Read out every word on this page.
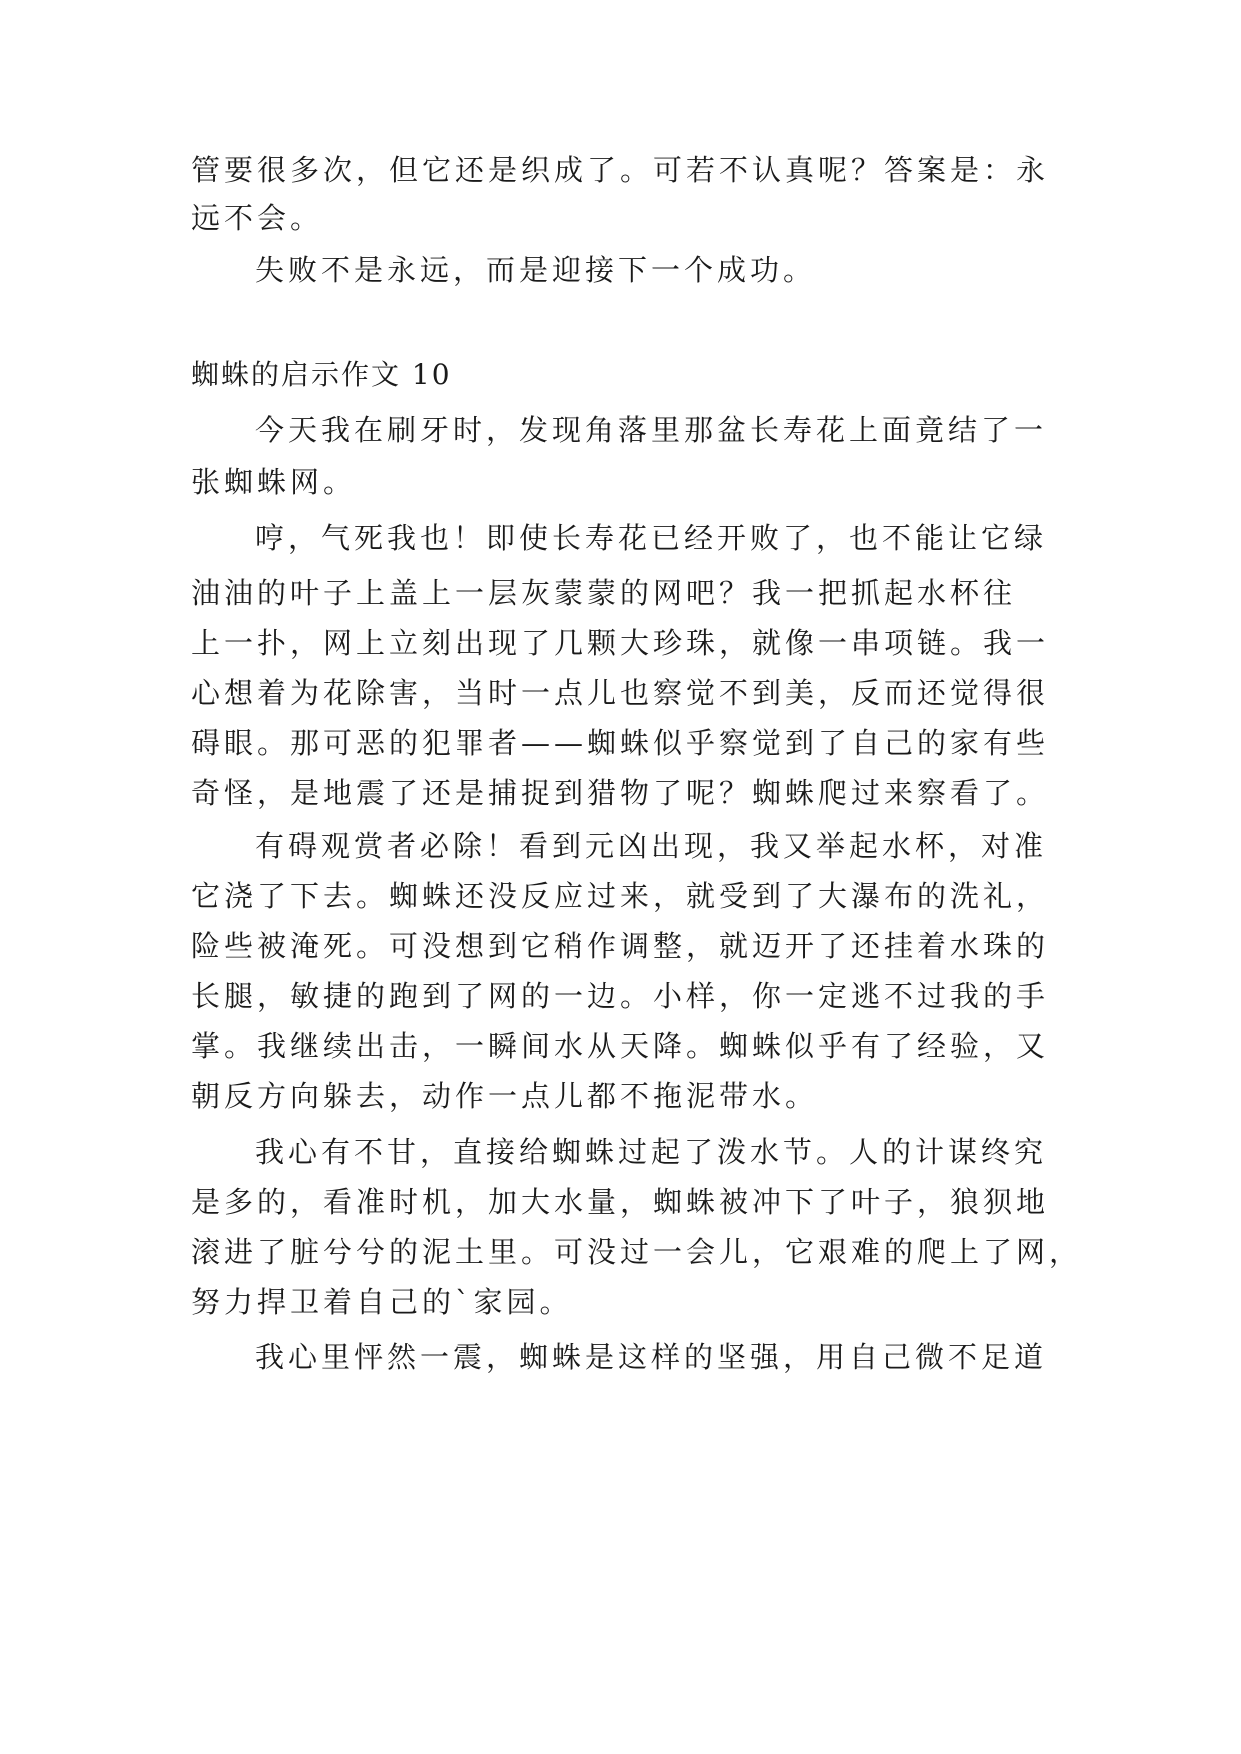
管要很多次，但它还是织成了。可若不认真呢？答案是：永
远不会。
失败不是永远，而是迎接下一个成功。
蜘蛛的启示作文 10
今天我在刷牙时，发现角落里那盆长寿花上面竟结了一
张蜘蛛网。
哼，气死我也！即使长寿花已经开败了，也不能让它绿
油油的叶子上盖上一层灰蒙蒙的网吧？我一把抓起水杯往
上一扑，网上立刻出现了几颗大珍珠，就像一串项链。我一
心想着为花除害，当时一点儿也察觉不到美，反而还觉得很
碍眼。那可恶的犯罪者——蜘蛛似乎察觉到了自己的家有些
奇怪，是地震了还是捕捉到猎物了呢？蜘蛛爬过来察看了。
有碍观赏者必除！看到元凶出现，我又举起水杯，对准
它浇了下去。蜘蛛还没反应过来，就受到了大瀑布的洗礼，
险些被淹死。可没想到它稍作调整，就迈开了还挂着水珠的
长腿，敏捷的跑到了网的一边。小样，你一定逃不过我的手
掌。我继续出击，一瞬间水从天降。蜘蛛似乎有了经验，又
朝反方向躲去，动作一点儿都不拖泥带水。
我心有不甘，直接给蜘蛛过起了泼水节。人的计谋终究
是多的，看准时机，加大水量，蜘蛛被冲下了叶子，狼狈地
滚进了脏兮兮的泥土里。可没过一会儿，它艰难的爬上了网，
努力捍卫着自己的`家园。
我心里怦然一震，蜘蛛是这样的坚强，用自己微不足道
